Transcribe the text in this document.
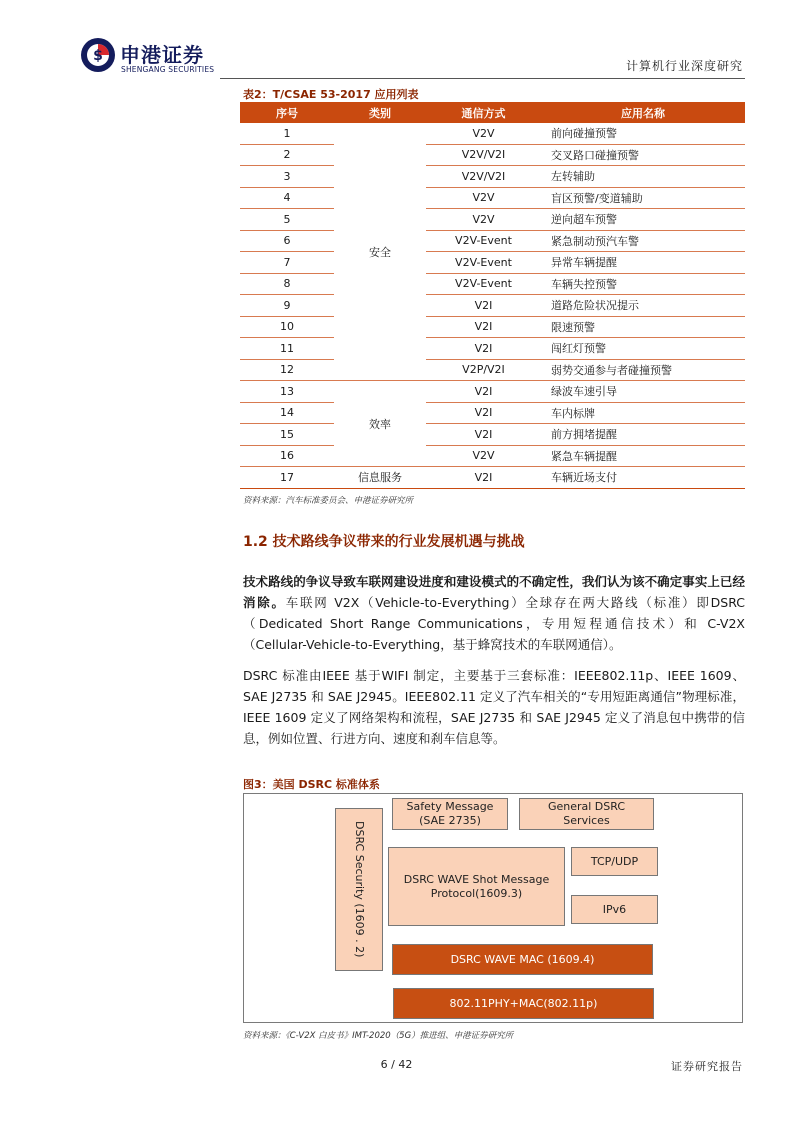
$ 申港证券
SHENGANG SECURITIES	计算机行业深度研究
表2：T/CSAE 53-2017 应用列表
序号	类别	通信方式	应用名称
1	安全	V2V	前向碰撞预警
2		V2V/V2I	交叉路口碰撞预警
3		V2V/V2I	左转辅助
4		V2V	盲区预警/变道辅助
5		V2V	逆向超车预警
6		V2V-Event	紧急制动预汽车警
7		V2V-Event	异常车辆提醒
8		V2V-Event	车辆失控预警
9		V2I	道路危险状况提示
10		V2I	限速预警
11		V2I	闯红灯预警
12		V2P/V2I	弱势交通参与者碰撞预警
13	效率	V2I	绿波车速引导
14		V2I	车内标牌
15		V2I	前方拥堵提醒
16		V2V	紧急车辆提醒
17	信息服务	V2I	车辆近场支付
资料来源：汽车标准委员会、申港证券研究所
1.2 技术路线争议带来的行业发展机遇与挑战
技术路线的争议导致车联网建设进度和建设模式的不确定性，我们认为该不确定事实上已经消除。车联网 V2X（Vehicle-to-Everything）全球存在两大路线（标准）即DSRC（Dedicated Short Range Communications，专用短程通信技术）和 C-V2X（Cellular-Vehicle-to-Everything，基于蜂窝技术的车联网通信）。
DSRC 标准由IEEE 基于WIFI 制定，主要基于三套标准：IEEE802.11p、IEEE 1609、SAE J2735 和 SAE J2945。IEEE802.11 定义了汽车相关的“专用短距离通信”物理标准，IEEE 1609 定义了网络架构和流程，SAE J2735 和 SAE J2945 定义了消息包中携带的信息，例如位置、行进方向、速度和刹车信息等。
图3：美国 DSRC 标准体系
DSRC Security (1609 . 2)
Safety Message
(SAE 2735)
General DSRC
Services
DSRC WAVE Shot Message
Protocol(1609.3)
TCP/UDP
IPv6
DSRC WAVE MAC (1609.4)
802.11PHY+MAC(802.11p)
资料来源：《C-V2X 白皮书》IMT-2020（5G）推进组、申港证券研究所
6 / 42	证券研究报告
